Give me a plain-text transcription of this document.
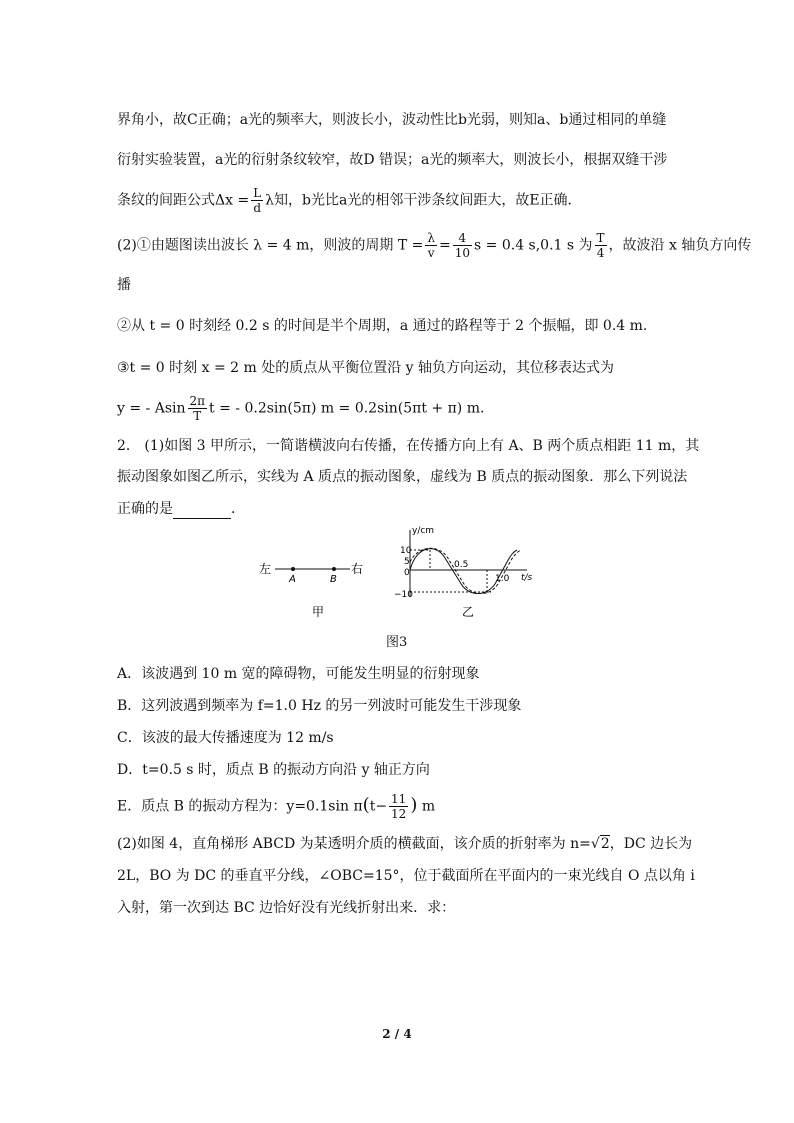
界角小，故C正确；a光的频率大，则波长小，波动性比b光弱，则知a、b通过相同的单缝
衍射实验装置，a光的衍射条纹较窄，故D 错误；a光的频率大，则波长小，根据双缝干涉
条纹的间距公式$\Delta x = \frac{L}{d}$ λ知，b光比a光的相邻干涉条纹间距大，故E正确．
(2)①由题图读出波长 λ = 4 m，则波的周期 $T = \frac{\lambda}{v} = \frac{4}{10}$ s = 0.4 s,0.1 s 为 $\frac{T}{4}$ ，故波沿 x 轴负方向传
播
②从 t = 0 时刻经 0.2 s 的时间是半个周期，a 通过的路程等于 2 个振幅，即 0.4 m.
③t = 0 时刻 x = 2 m 处的质点从平衡位置沿 y 轴负方向运动，其位移表达式为
y = - Asin $\frac{2\pi}{T}$ t = - 0.2sin(5π) m = 0.2sin(5πt + π) m.
2． (1)如图 3 甲所示，一简谐横波向右传播，在传播方向上有 A、B 两个质点相距 11 m，其
振动图象如图乙所示，实线为 A 质点的振动图象，虚线为 B 质点的振动图象．那么下列说法
正确的是	．
左
A	B
右
甲
y/cm
t/s
10
5
0
−10
0.5
1.0
乙
图3
A．该波遇到 10 m 宽的障碍物，可能发生明显的衍射现象
B．这列波遇到频率为 f=1.0 Hz 的另一列波时可能发生干涉现象
C．该波的最大传播速度为 12 m/s
D．t=0.5 s 时，质点 B 的振动方向沿 y 轴正方向
E．质点 B 的振动方程为：y=0.1sin $\pi(t- \frac{11}{12}$ ) m
(2)如图 4，直角梯形 ABCD 为某透明介质的横截面，该介质的折射率为 n=√2，DC 边长为
2L，BO 为 DC 的垂直平分线，∠OBC=15°，位于截面所在平面内的一束光线自 O 点以角 i
入射，第一次到达 BC 边恰好没有光线折射出来．求：
2 / 4
